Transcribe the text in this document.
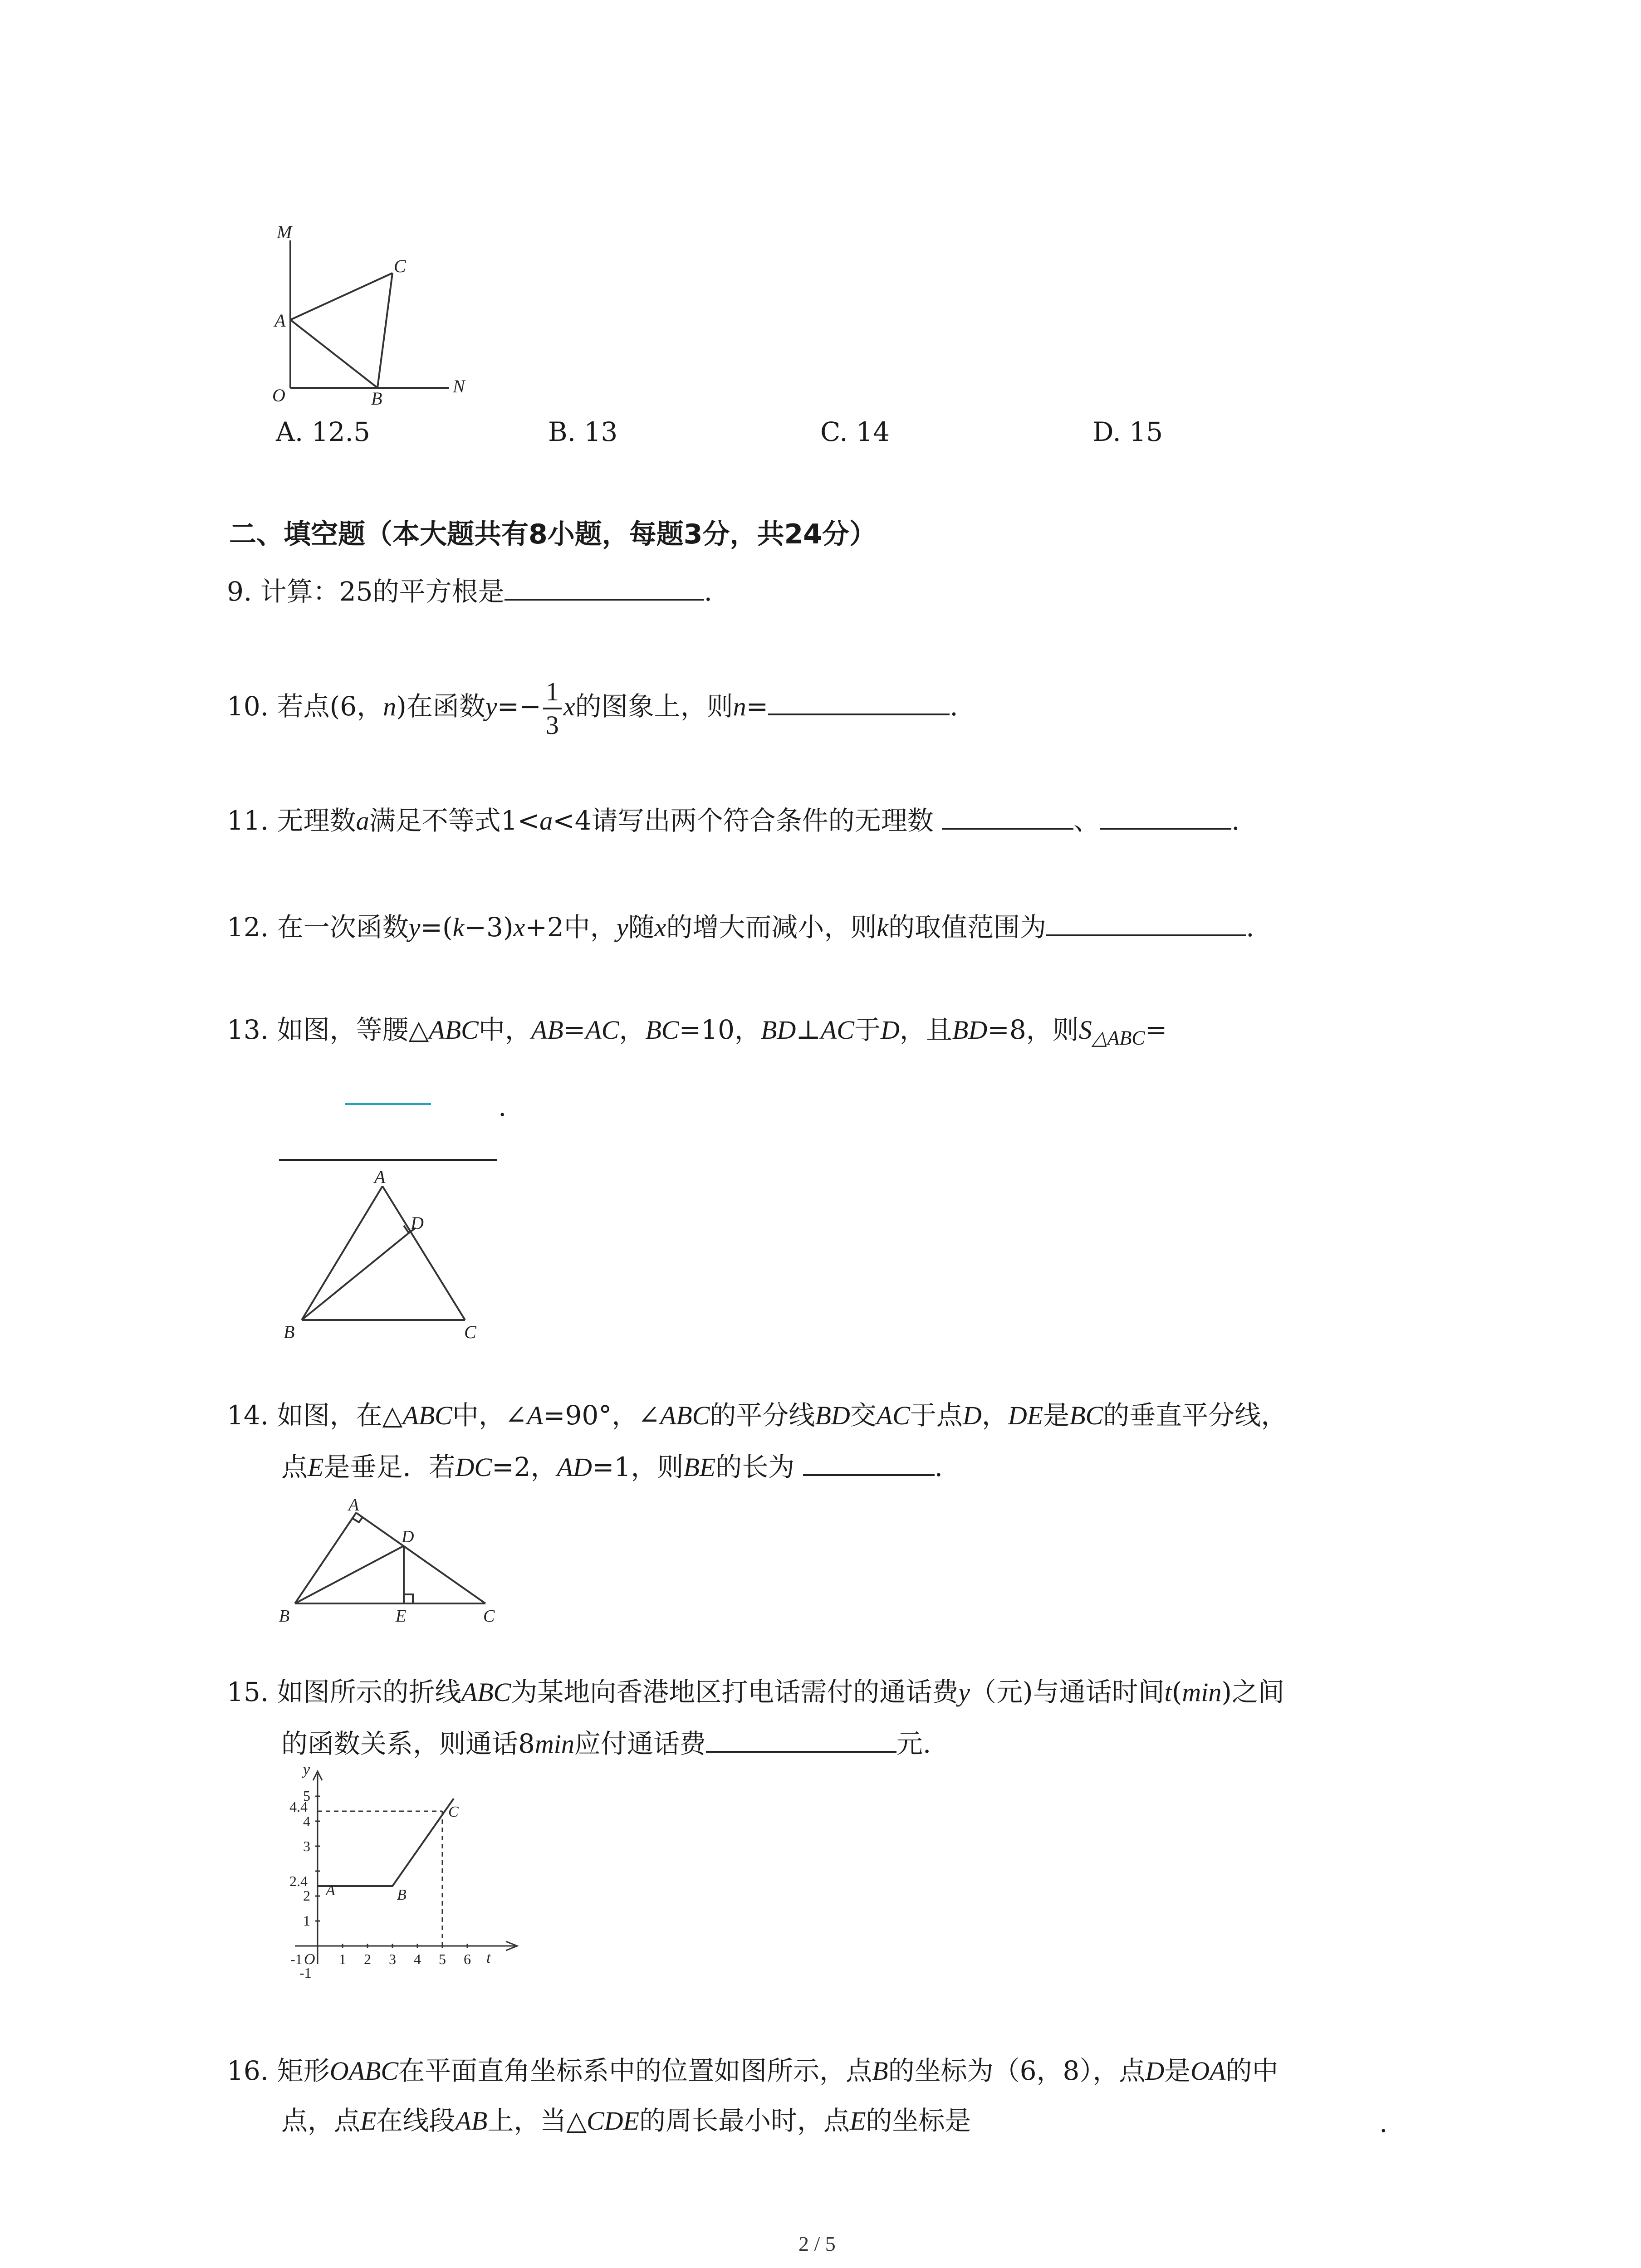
M
C
A
O	B
N
A. 12.5	B. 13	C. 14	D. 15
二、填空题（本大题共有8小题，每题3分，共24分）
9. 计算：25的平方根是	.
10. 若点(6，n)在函数$y=- \frac{1}{3}$ x的图象上，则n=	.
11. 无理数a满足不等式1<a<4请写出两个符合条件的无理数	、	.
12. 在一次函数y=(k−3)x+2中，y随x的增大而减小，则k的取值范围为	.
13. 如图，等腰△ABC中，AB=AC，BC=10，BD⊥AC于D，且BD=8，则$S_{\triangle ABC}=$
.
A
D
B	C
14. 如图，在△ABC中，∠A=90°，∠ABC的平分线BD交AC于点D，DE是BC的垂直平分线，
点E是垂足．若DC=2，AD=1，则BE的长为	.
A
D
B	E	C
15. 如图所示的折线ABC为某地向香港地区打电话需付的通话费y（元)与通话时间t(min)之间
的函数关系，则通话8min应付通话费	元.
5
4.4
4
3
2.4
2
1
-1
-1	1 2 3 4 5 6
O
y
t
A	B
C
16. 矩形OABC在平面直角坐标系中的位置如图所示，点B的坐标为（6，8），点D是OA的中
点，点E在线段AB上，当△CDE的周长最小时，点E的坐标是	.
2 / 5
